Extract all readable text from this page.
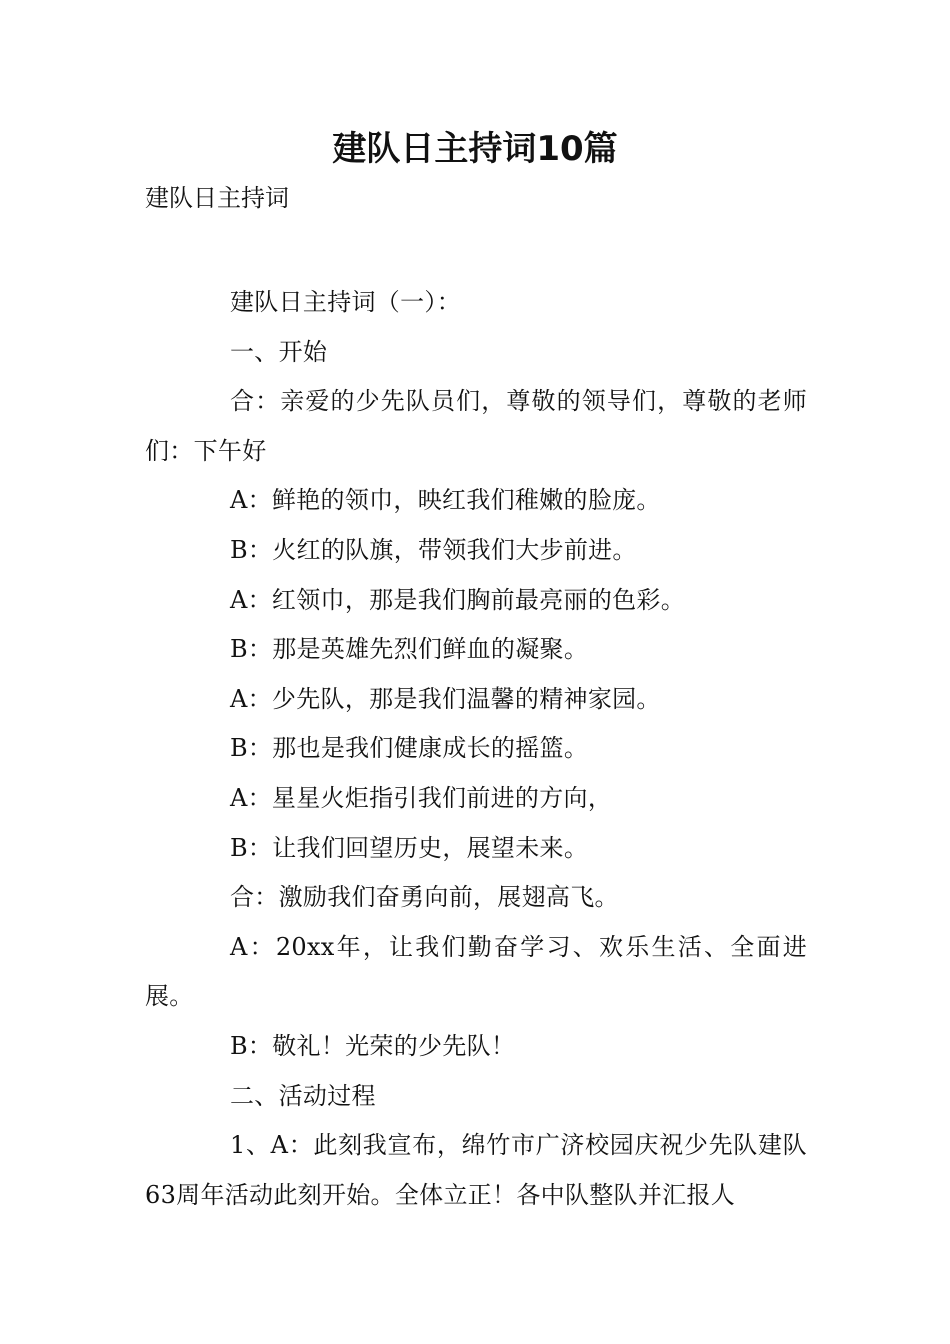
建队日主持词10篇

建队日主持词

建队日主持词（一）：

一、开始

合：亲爱的少先队员们，尊敬的领导们，尊敬的老师们：下午好

A：鲜艳的领巾，映红我们稚嫩的脸庞。

B：火红的队旗，带领我们大步前进。

A：红领巾，那是我们胸前最亮丽的色彩。

B：那是英雄先烈们鲜血的凝聚。

A：少先队，那是我们温馨的精神家园。

B：那也是我们健康成长的摇篮。

A：星星火炬指引我们前进的方向，

B：让我们回望历史，展望未来。

合：激励我们奋勇向前，展翅高飞。

A：20xx年，让我们勤奋学习、欢乐生活、全面进展。

B：敬礼！光荣的少先队！

二、活动过程

1、A：此刻我宣布，绵竹市广济校园庆祝少先队建队63周年活动此刻开始。全体立正！各中队整队并汇报人
